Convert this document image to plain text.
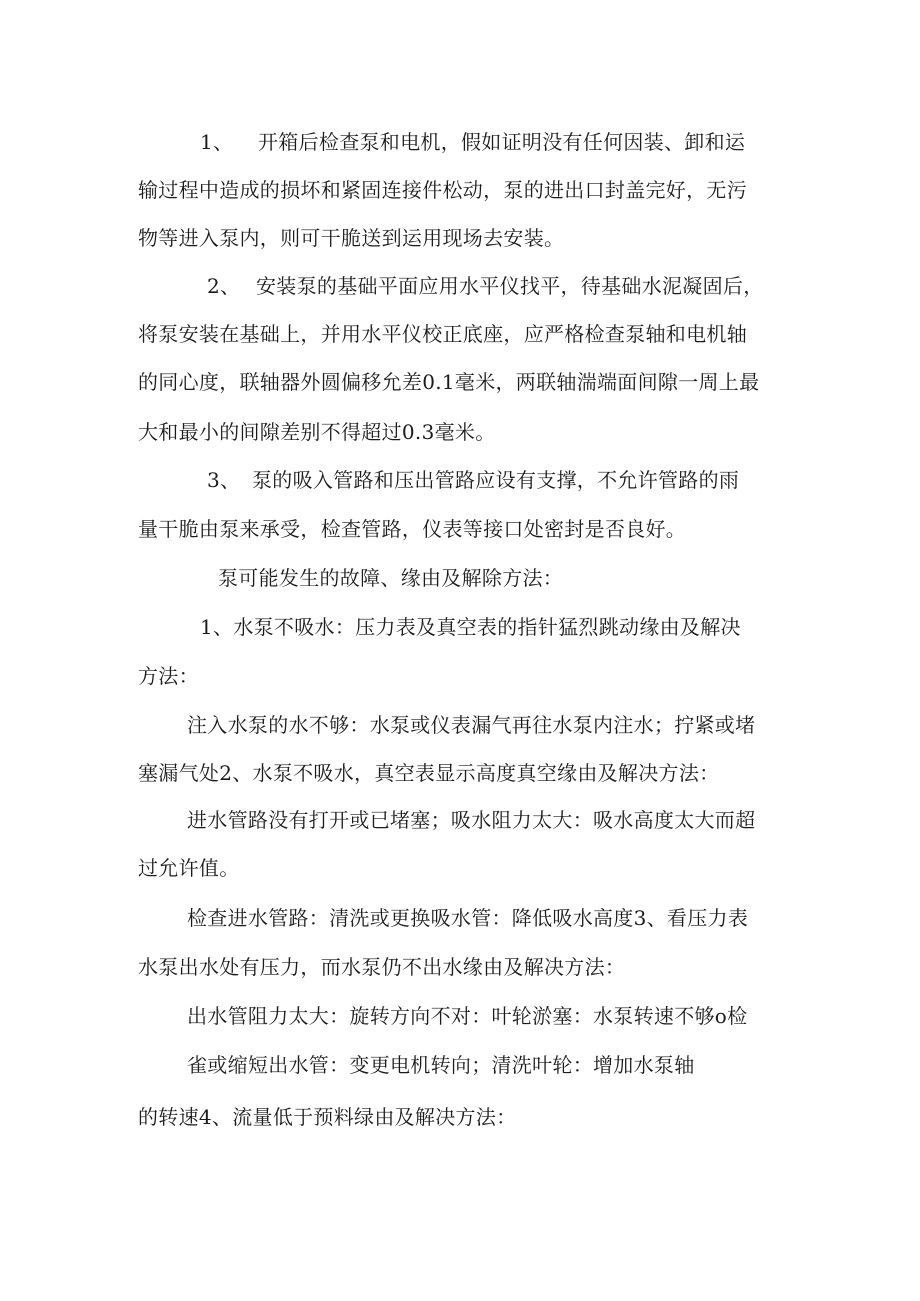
1、 开箱后检查泵和电机，假如证明没有任何因装、卸和运
输过程中造成的损坏和紧固连接件松动，泵的进出口封盖完好，无污
物等进入泵内，则可干脆送到运用现场去安装。
2、 安装泵的基础平面应用水平仪找平，待基础水泥凝固后，
将泵安装在基础上，并用水平仪校正底座，应严格检查泵轴和电机轴
的同心度，联轴器外圆偏移允差0.1毫米，两联轴湍端面间隙一周上最
大和最小的间隙差别不得超过0.3毫米。
3、 泵的吸入管路和压出管路应设有支撑，不允许管路的雨
量干脆由泵来承受，检查管路，仪表等接口处密封是否良好。
泵可能发生的故障、缘由及解除方法：
1、水泵不吸水：压力表及真空表的指针猛烈跳动缘由及解决
方法：
注入水泵的水不够：水泵或仪表漏气再往水泵内注水；拧紧或堵
塞漏气处2、水泵不吸水，真空表显示高度真空缘由及解决方法：
进水管路没有打开或已堵塞；吸水阻力太大：吸水高度太大而超
过允许值。
检查进水管路：清洗或更换吸水管：降低吸水高度3、看压力表
水泵出水处有压力，而水泵仍不出水缘由及解决方法：
出水管阻力太大：旋转方向不对：叶轮淤塞：水泵转速不够o检
雀或缩短出水管：变更电机转向；清洗叶轮：增加水泵轴
的转速4、流量低于预料绿由及解决方法：
